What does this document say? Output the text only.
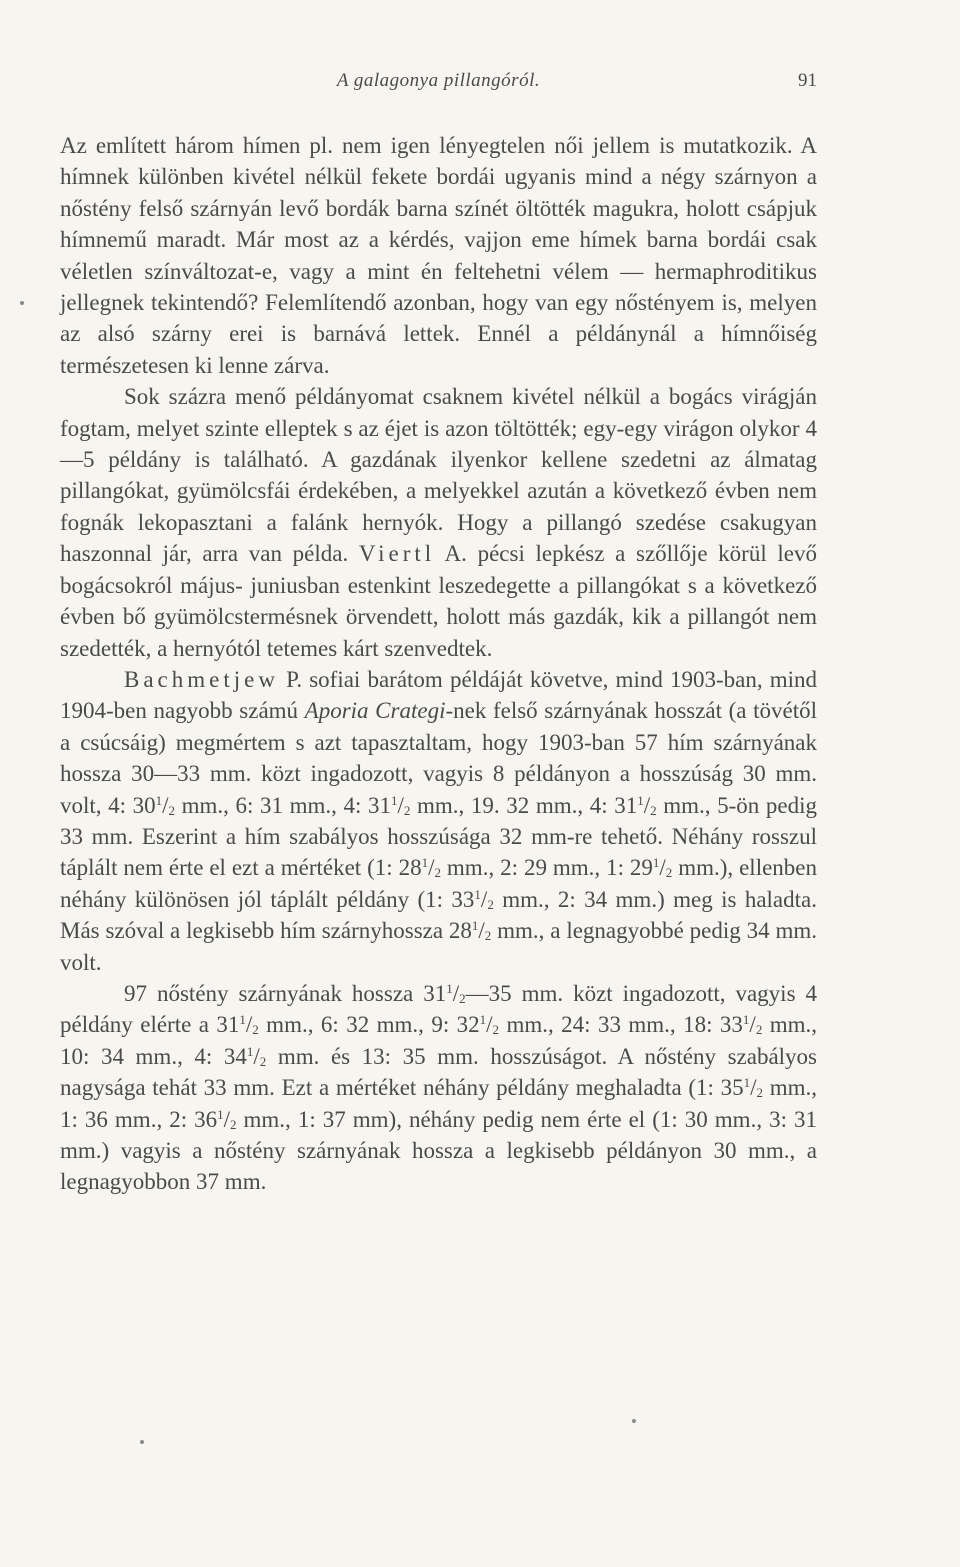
A galagonya pillangóról.	91

Az említett három hímen pl. nem igen lényegtelen női jellem is mutatkozik. A hímnek különben kivétel nélkül fekete bordái ugyanis mind a négy szárnyon a nőstény felső szárnyán levő bordák barna színét öltötték magukra, holott csápjuk hímnemű maradt. Már most az a kérdés, vajjon eme hímek barna bordái csak véletlen színváltozat-e, vagy a mint én feltehetni vélem — hermaphroditikus jellegnek tekintendő? Felemlítendő azonban, hogy van egy nőstényem is, melyen az alsó szárny erei is barnává lettek. Ennél a példánynál a hímnőiség természetesen ki lenne zárva.

Sok százra menő példányomat csaknem kivétel nélkül a bogács virágján fogtam, melyet szinte elleptek s az éjet is azon töltötték; egy-egy virágon olykor 4—5 példány is található. A gazdának ilyenkor kellene szedetni az álmatag pillangókat, gyümölcsfái érdekében, a melyekkel azután a következő évben nem fognák lekopasztani a falánk hernyók. Hogy a pillangó szedése csakugyan haszonnal jár, arra van példa. Viertl A. pécsi lepkész a szőllője körül levő bogácsokról május- juniusban estenkint leszedegette a pillangókat s a következő évben bő gyümölcstermésnek örvendett, holott más gazdák, kik a pillangót nem szedették, a hernyótól tetemes kárt szenvedtek.

Bachmetjew P. sofiai barátom példáját követve, mind 1903-ban, mind 1904-ben nagyobb számú Aporia Crategi-nek felső szárnyának hosszát (a tövétől a csúcsáig) megmértem s azt tapasztaltam, hogy 1903-ban 57 hím szárnyának hossza 30—33 mm. közt ingadozott, vagyis 8 példányon a hosszúság 30 mm. volt, 4: $30^1/_2$ mm., 6: 31 mm., 4: $31^1/_2$ mm., 19. 32 mm., 4: $31^1/_2$ mm., 5-ön pedig 33 mm. Eszerint a hím szabályos hosszúsága 32 mm-re tehető. Néhány rosszul táplált nem érte el ezt a mértéket (1: $28^1/_2$ mm., 2: 29 mm., 1: $29^1/_2$ mm.), ellenben néhány különösen jól táplált példány (1: $33^1/_2$ mm., 2: 34 mm.) meg is haladta. Más szóval a legkisebb hím szárnyhossza $28^1/_2$ mm., a legnagyobbé pedig 34 mm. volt.

97 nőstény szárnyának hossza $31^1/_2—35$ mm. közt ingadozott, vagyis 4 példány elérte a $31^1/_2$ mm., 6: 32 mm., 9: $32^1/_2$ mm., 24: 33 mm., 18: $33^1/_2$ mm., 10: 34 mm., 4: $34^1/_2$ mm. és 13: 35 mm. hosszúságot. A nőstény szabályos nagysága tehát 33 mm. Ezt a mértéket néhány példány meghaladta (1: $35^1/_2$ mm., 1: 36 mm., 2: $36^1/_2$ mm., 1: 37 mm), néhány pedig nem érte el (1: 30 mm., 3: 31 mm.) vagyis a nőstény szárnyának hossza a legkisebb példányon 30 mm., a legnagyobbon 37 mm.
